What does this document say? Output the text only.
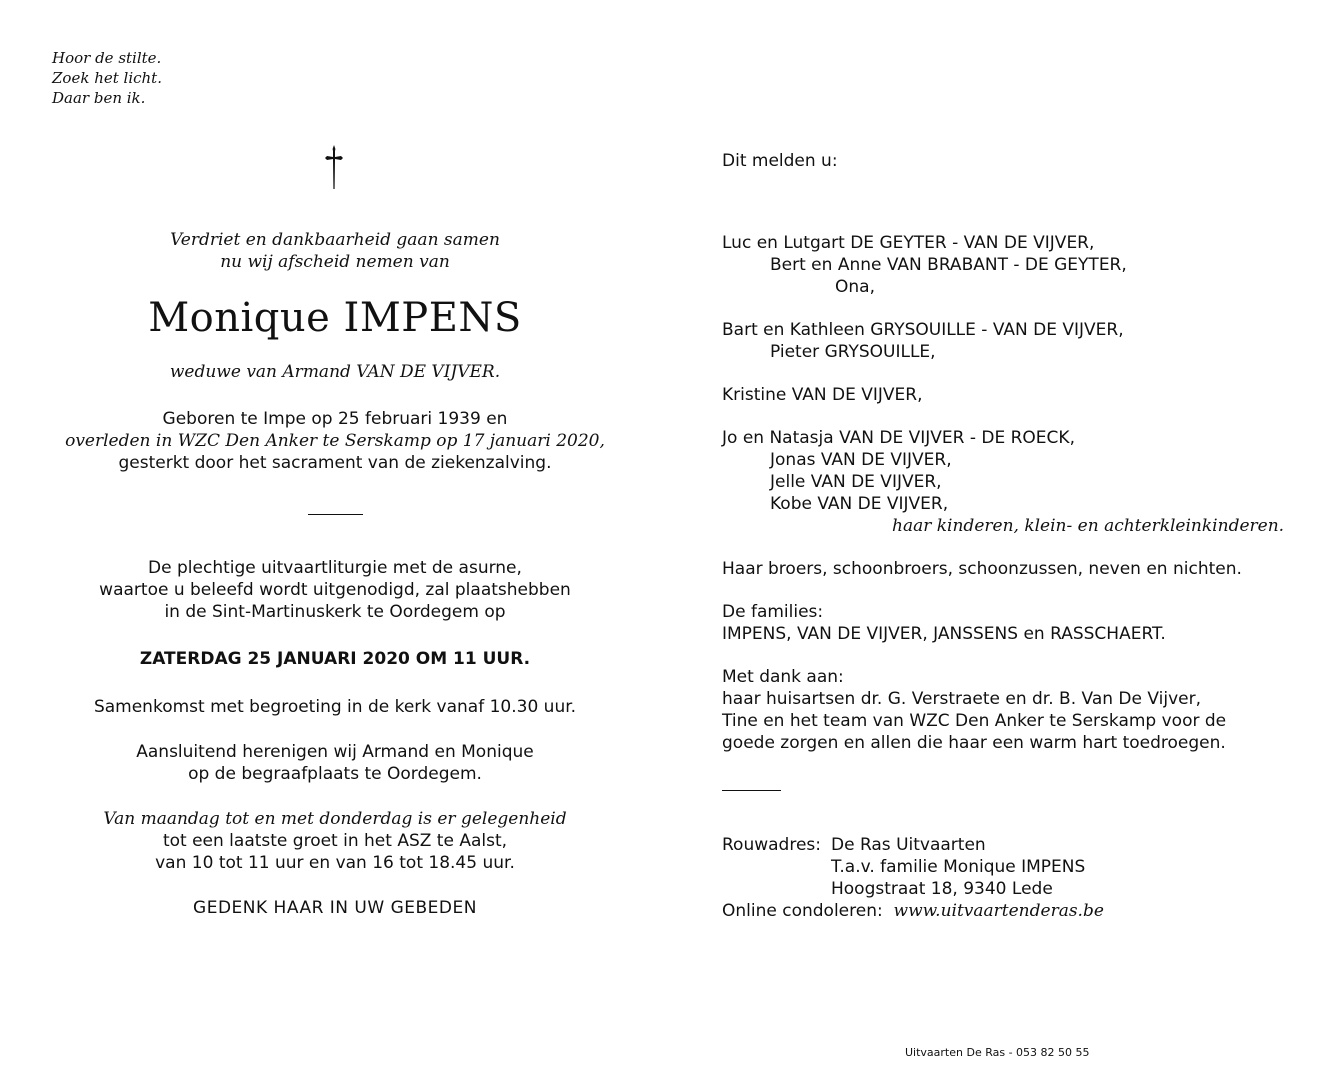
Hoor de stilte.
Zoek het licht.
Daar ben ik.
Verdriet en dankbaarheid gaan samen
nu wij afscheid nemen van
Monique IMPENS
weduwe van Armand VAN DE VIJVER.
Geboren te Impe op 25 februari 1939 en
overleden in WZC Den Anker te Serskamp op 17 januari 2020,
gesterkt door het sacrament van de ziekenzalving.
De plechtige uitvaartliturgie met de asurne,
waartoe u beleefd wordt uitgenodigd, zal plaatshebben
in de Sint-Martinuskerk te Oordegem op
ZATERDAG 25 JANUARI 2020 OM 11 UUR.
Samenkomst met begroeting in de kerk vanaf 10.30 uur.
Aansluitend herenigen wij Armand en Monique
op de begraafplaats te Oordegem.
Van maandag tot en met donderdag is er gelegenheid
tot een laatste groet in het ASZ te Aalst,
van 10 tot 11 uur en van 16 tot 18.45 uur.
GEDENK HAAR IN UW GEBEDEN
Dit melden u:
Luc en Lutgart DE GEYTER - VAN DE VIJVER,
Bert en Anne VAN BRABANT - DE GEYTER,
Ona,
Bart en Kathleen GRYSOUILLE - VAN DE VIJVER,
Pieter GRYSOUILLE,
Kristine VAN DE VIJVER,
Jo en Natasja VAN DE VIJVER - DE ROECK,
Jonas VAN DE VIJVER,
Jelle VAN DE VIJVER,
Kobe VAN DE VIJVER,
haar kinderen, klein- en achterkleinkinderen.
Haar broers, schoonbroers, schoonzussen, neven en nichten.
De families:
IMPENS, VAN DE VIJVER, JANSSENS en RASSCHAERT.
Met dank aan:
haar huisartsen dr. G. Verstraete en dr. B. Van De Vijver,
Tine en het team van WZC Den Anker te Serskamp voor de
goede zorgen en allen die haar een warm hart toedroegen.
Rouwadres: De Ras Uitvaarten
T.a.v. familie Monique IMPENS
Hoogstraat 18, 9340 Lede
Online condoleren: www.uitvaartenderas.be
Uitvaarten De Ras - 053 82 50 55
